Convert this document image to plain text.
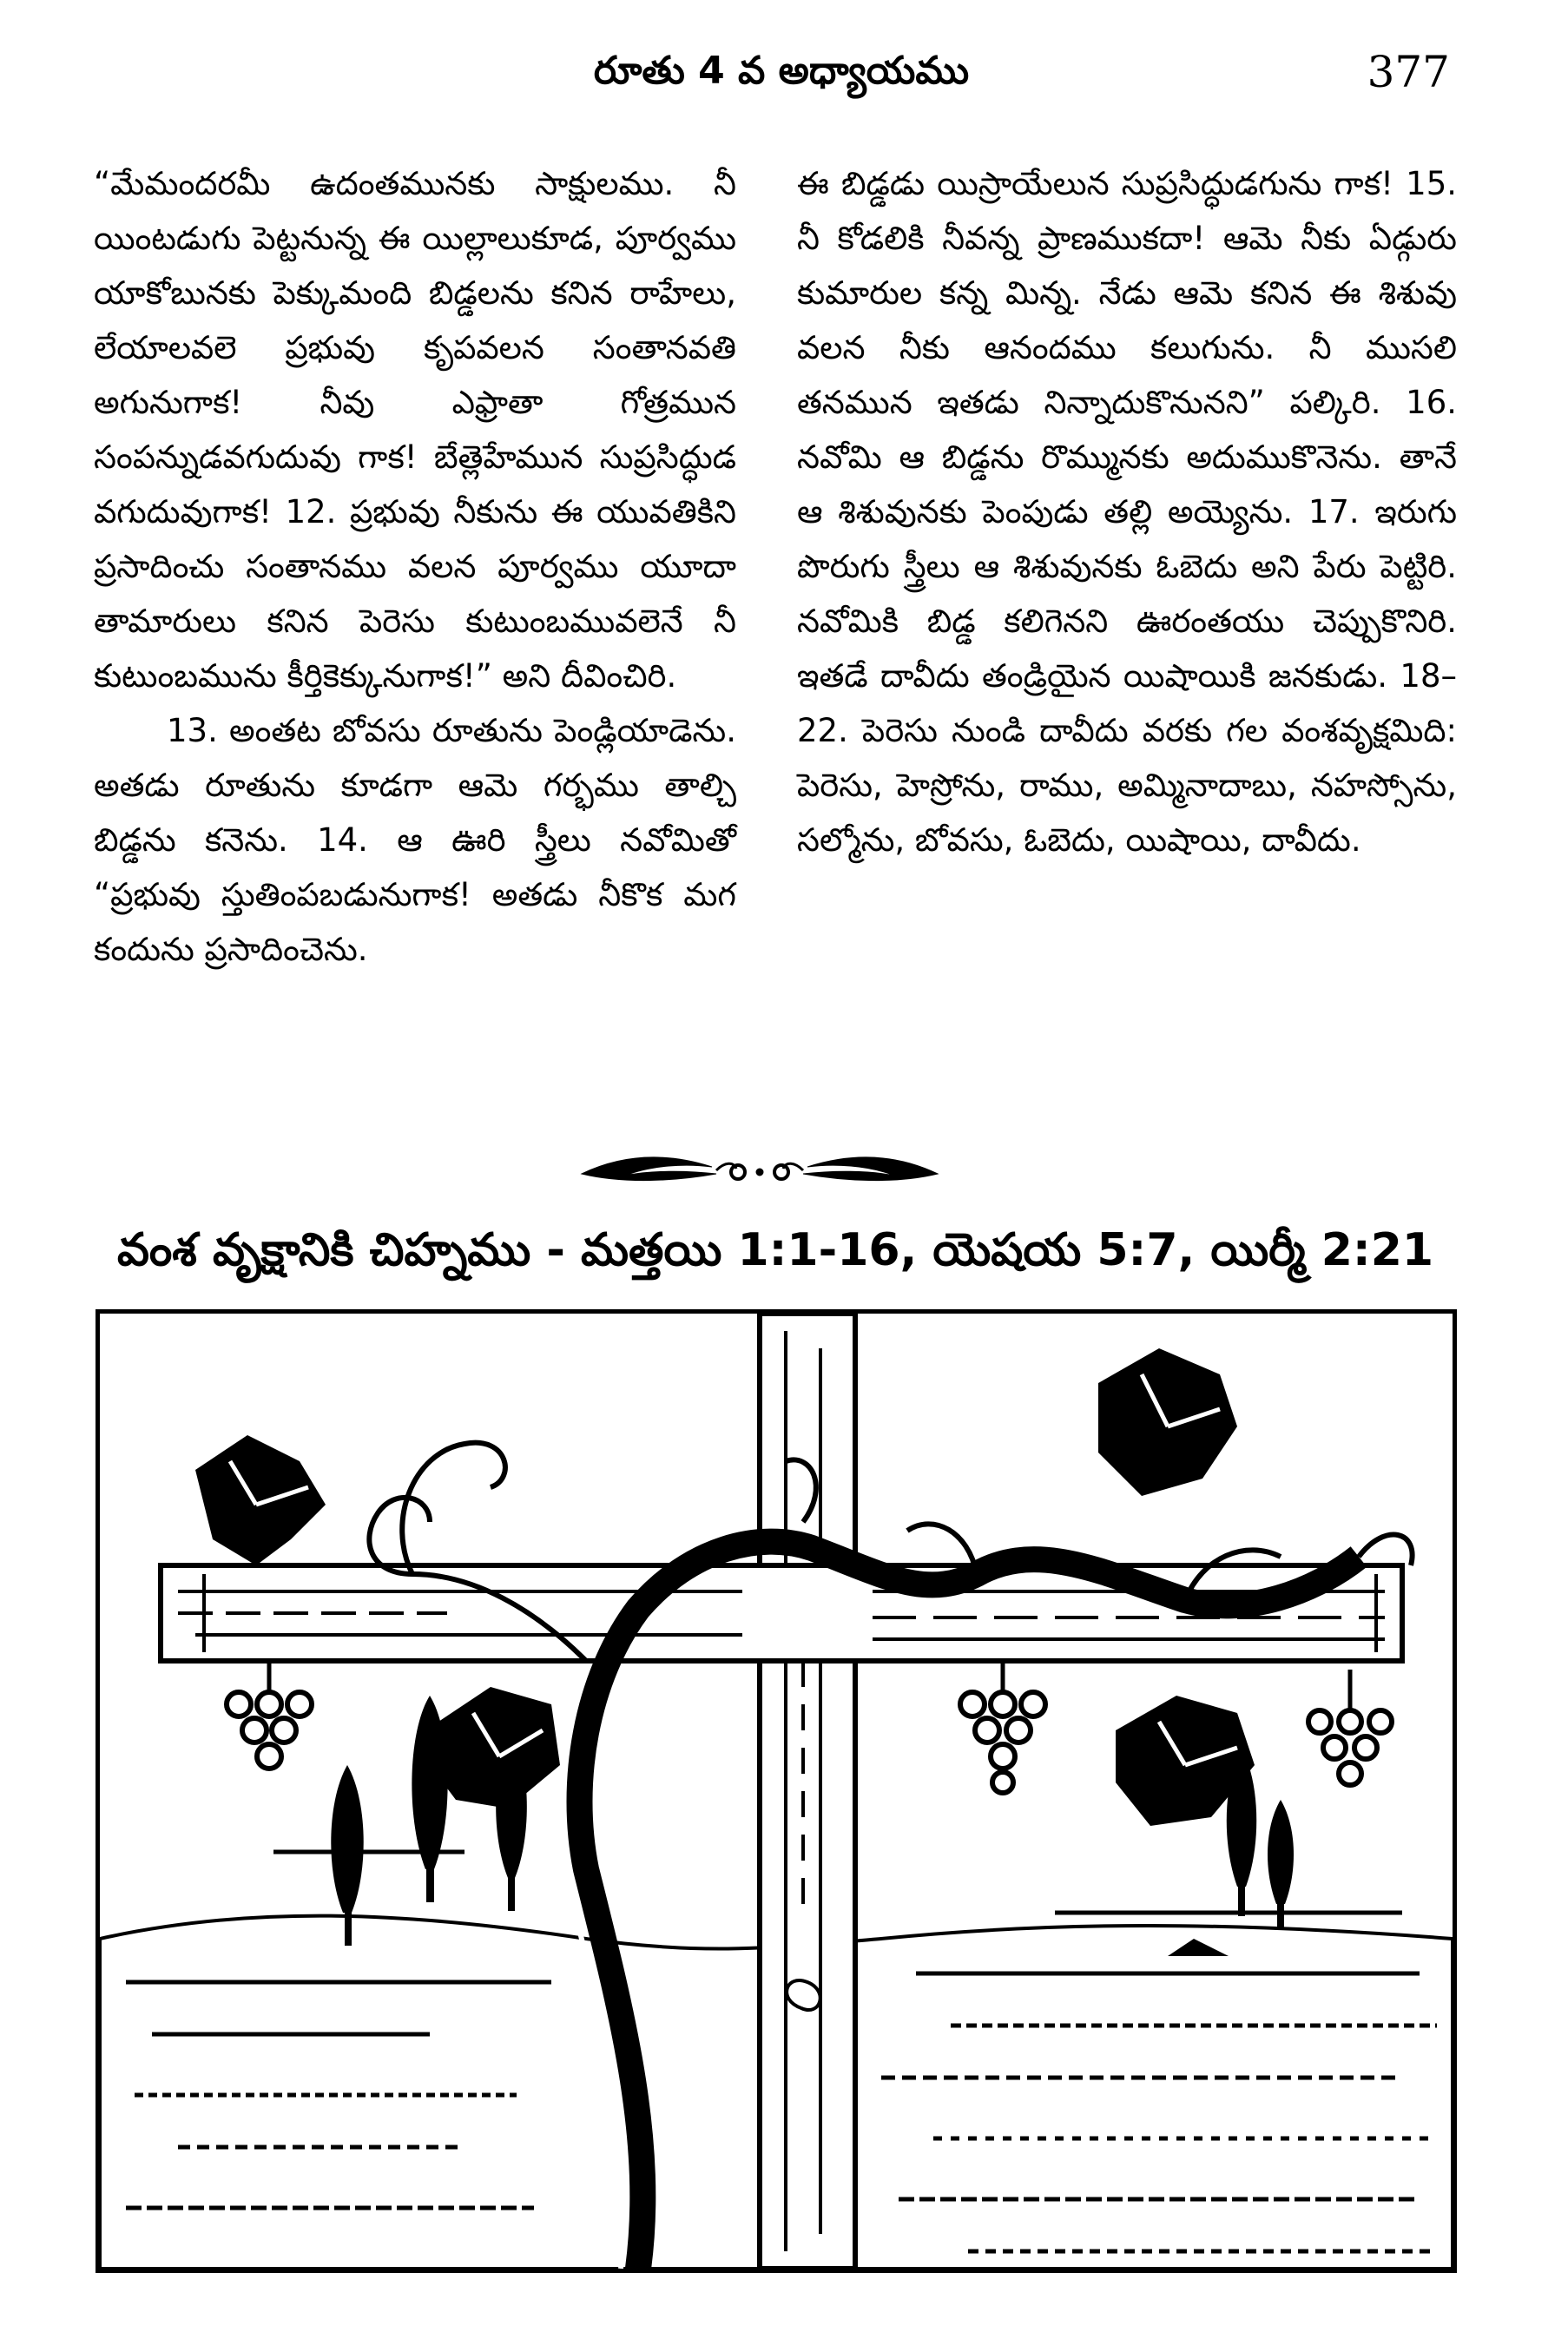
రూతు 4 వ అధ్యాయము	377

“మేమందరమీ ఉదంతమునకు సాక్షులము. నీ యింటడుగు పెట్టనున్న ఈ యిల్లాలుకూడ, పూర్వము యాకోబునకు పెక్కుమంది బిడ్డలను కనిన రాహేలు, లేయాలవలె ప్రభువు కృపవలన సంతానవతి అగునుగాక! నీవు ఎఫ్రాతా గోత్రమున సంపన్నుడవగుదువు గాక! బేత్లెహేమున సుప్రసిద్ధుడ వగుదువుగాక! 12. ప్రభువు నీకును ఈ యువతికిని ప్రసాదించు సంతానము వలన పూర్వము యూదా తామారులు కనిన పెరెసు కుటుంబమువలెనే నీ కుటుంబమును కీర్తికెక్కునుగాక!” అని దీవించిరి.

13. అంతట బోవసు రూతును పెండ్లియాడెను. అతడు రూతును కూడగా ఆమె గర్భము తాల్చి బిడ్డను కనెను. 14. ఆ ఊరి స్త్రీలు నవోమితో “ప్రభువు స్తుతింపబడునుగాక! అతడు నీకొక మగ కందును ప్రసాదించెను.

ఈ బిడ్డడు యిస్రాయేలున సుప్రసిద్ధుడగును గాక! 15. నీ కోడలికి నీవన్న ప్రాణముకదా! ఆమె నీకు ఏడ్గురు కుమారుల కన్న మిన్న. నేడు ఆమె కనిన ఈ శిశువు వలన నీకు ఆనందము కలుగును. నీ ముసలి తనమున ఇతడు నిన్నాదుకొనునని” పల్కిరి. 16. నవోమి ఆ బిడ్డను రొమ్మునకు అదుముకొనెను. తానే ఆ శిశువునకు పెంపుడు తల్లి అయ్యెను. 17. ఇరుగు పొరుగు స్త్రీలు ఆ శిశువునకు ఓబెదు అని పేరు పెట్టిరి. నవోమికి బిడ్డ కలిగెనని ఊరంతయు చెప్పుకొనిరి. ఇతడే దావీదు తండ్రియైన యిషాయికి జనకుడు. 18–22. పెరెసు నుండి దావీదు వరకు గల వంశవృక్షమిది: పెరెసు, హెస్రోను, రాము, అమ్మినాదాబు, నహస్సోను, సల్మోను, బోవసు, ఓబెదు, యిషాయి, దావీదు.

వంశ వృక్షానికి చిహ్నము - మత్తయి 1:1-16, యెషయ 5:7, యిర్మీ 2:21
